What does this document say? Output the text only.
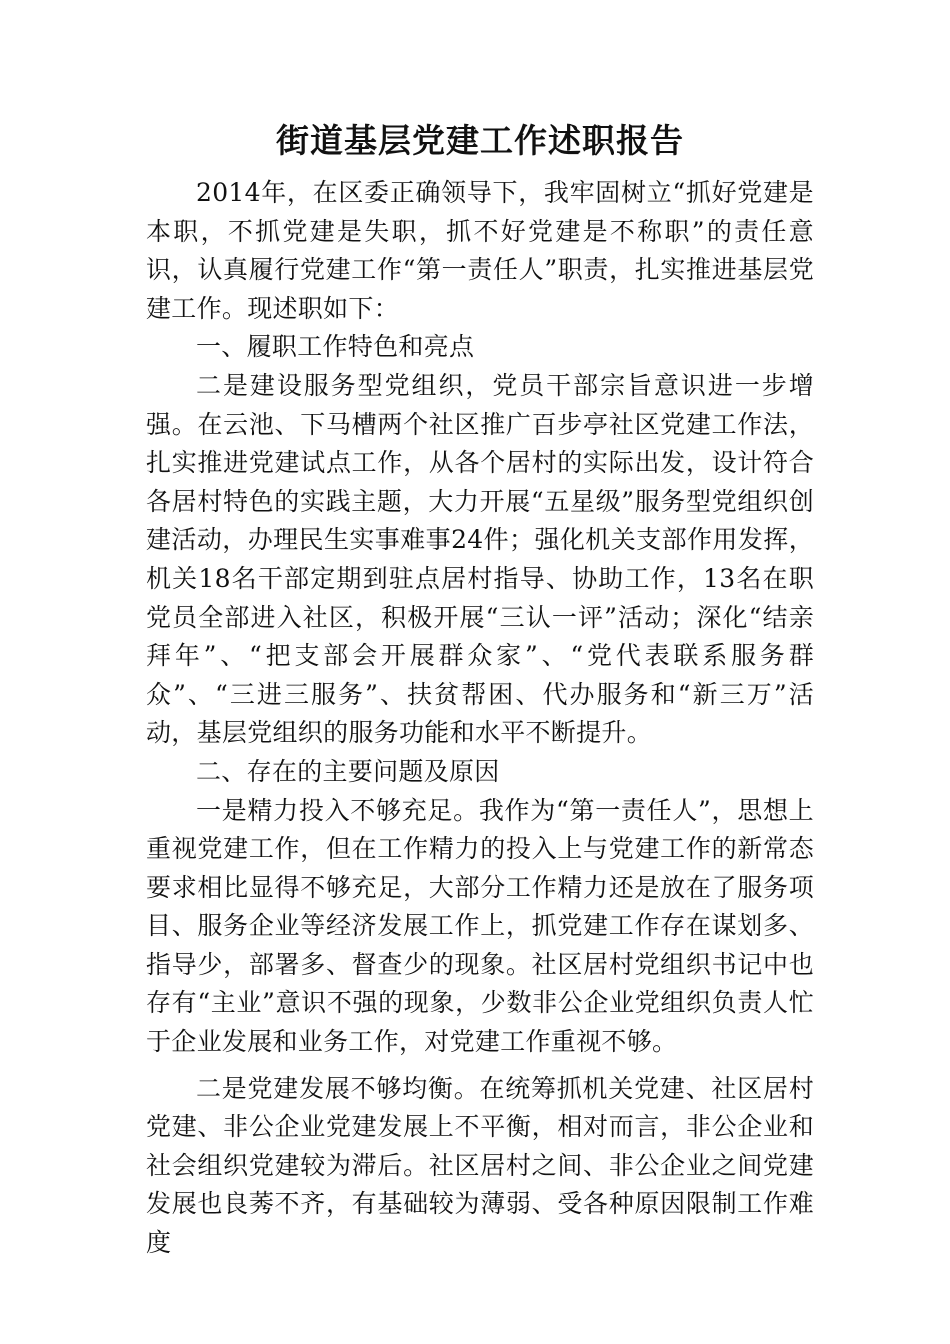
街道基层党建工作述职报告

2014年，在区委正确领导下，我牢固树立“抓好党建是本职，不抓党建是失职，抓不好党建是不称职”的责任意识，认真履行党建工作“第一责任人”职责，扎实推进基层党建工作。现述职如下：

一、履职工作特色和亮点

二是建设服务型党组织，党员干部宗旨意识进一步增强。在云池、下马槽两个社区推广百步亭社区党建工作法，扎实推进党建试点工作，从各个居村的实际出发，设计符合各居村特色的实践主题，大力开展“五星级”服务型党组织创建活动，办理民生实事难事24件；强化机关支部作用发挥，机关18名干部定期到驻点居村指导、协助工作，13名在职党员全部进入社区，积极开展“三认一评”活动；深化“结亲拜年”、“把支部会开展群众家”、“党代表联系服务群众”、“三进三服务”、扶贫帮困、代办服务和“新三万”活动，基层党组织的服务功能和水平不断提升。

二、存在的主要问题及原因

一是精力投入不够充足。我作为“第一责任人”，思想上重视党建工作，但在工作精力的投入上与党建工作的新常态要求相比显得不够充足，大部分工作精力还是放在了服务项目、服务企业等经济发展工作上，抓党建工作存在谋划多、指导少，部署多、督查少的现象。社区居村党组织书记中也存有“主业”意识不强的现象，少数非公企业党组织负责人忙于企业发展和业务工作，对党建工作重视不够。

二是党建发展不够均衡。在统筹抓机关党建、社区居村党建、非公企业党建发展上不平衡，相对而言，非公企业和社会组织党建较为滞后。社区居村之间、非公企业之间党建发展也良莠不齐，有基础较为薄弱、受各种原因限制工作难度
